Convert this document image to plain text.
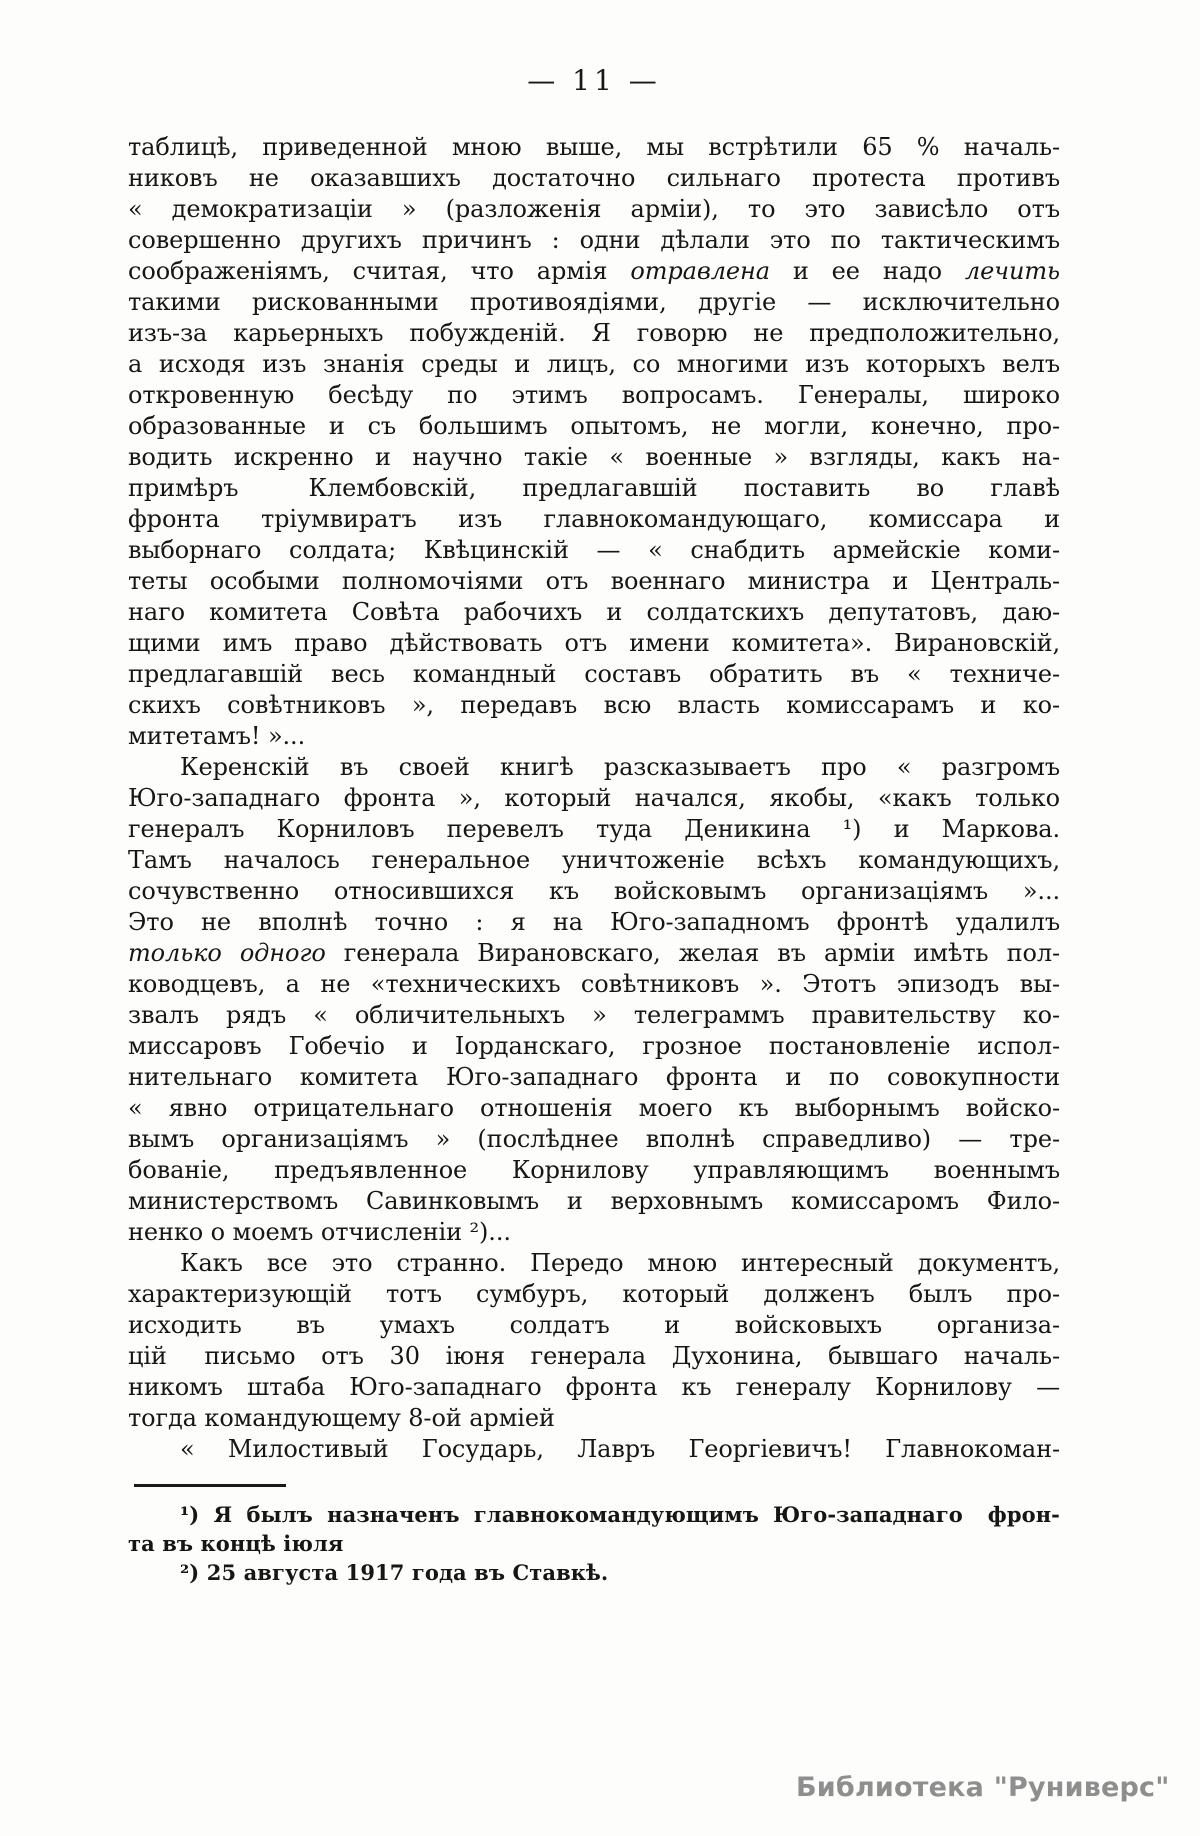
— 11 —
таблицѣ, приведенной мною выше, мы встрѣтили 65 % началь-
никовъ не оказавшихъ достаточно сильнаго протеста противъ
« демократизаціи » (разложенія арміи), то это зависѣло отъ
совершенно другихъ причинъ : одни дѣлали это по тактическимъ
соображеніямъ, считая, что армія отравлена и ее надо лечить
такими рискованными противоядіями, другіе — исключительно
изъ-за карьерныхъ побужденій. Я говорю не предположительно,
а исходя изъ знанія среды и лицъ, со многими изъ которыхъ велъ
откровенную бесѣду по этимъ вопросамъ. Генералы, широко
образованные и съ большимъ опытомъ, не могли, конечно, про-
водить искренно и научно такіе « военные » взгляды, какъ на-
примѣръ  Клембовскій, предлагавшій поставить во главѣ
фронта тріумвиратъ изъ главнокомандующаго, комиссара и
выборнаго солдата; Квѣцинскій — « снабдить армейскіе коми-
теты особыми полномочіями отъ военнаго министра и Централь-
наго комитета Совѣта рабочихъ и солдатскихъ депутатовъ, даю-
щими имъ право дѣйствовать отъ имени комитета». Вирановскій,
предлагавшій весь командный составъ обратить въ « техниче-
скихъ совѣтниковъ », передавъ всю власть комиссарамъ и ко-
митетамъ! »...
Керенскій въ своей книгѣ разсказываетъ про « разгромъ
Юго-западнаго фронта », который начался, якобы, «какъ только
генералъ Корниловъ перевелъ туда Деникина ¹) и Маркова.
Тамъ началось генеральное уничтоженіе всѣхъ командующихъ,
сочувственно относившихся къ войсковымъ организаціямъ »...
Это не вполнѣ точно : я на Юго-западномъ фронтѣ удалилъ
только одного генерала Вирановскаго, желая въ арміи имѣть пол-
ководцевъ, а не «техническихъ совѣтниковъ ». Этотъ эпизодъ вы-
звалъ рядъ « обличительныхъ » телеграммъ правительству ко-
миссаровъ Гобечіо и Іорданскаго, грозное постановленіе испол-
нительнаго комитета Юго-западнаго фронта и по совокупности
« явно отрицательнаго отношенія моего къ выборнымъ войско-
вымъ организаціямъ » (послѣднее вполнѣ справедливо) — тре-
бованіе, предъявленное Корнилову управляющимъ военнымъ
министерствомъ Савинковымъ и верховнымъ комиссаромъ Фило-
ненко о моемъ отчисленіи ²)...
Какъ все это странно. Передо мною интересный документъ,
характеризующій тотъ сумбуръ, который долженъ былъ про-
исходить въ умахъ солдатъ и войсковыхъ организа-
цій  письмо отъ 30 іюня генерала Духонина, бывшаго началь-
никомъ штаба Юго-западнаго фронта къ генералу Корнилову —
тогда командующему 8-ой арміей
« Милостивый Государь, Лавръ Георгіевичъ! Главнокоман-
¹) Я былъ назначенъ главнокомандующимъ Юго-западнаго  фрон-
та въ концѣ іюля
²) 25 августа 1917 года въ Ставкѣ.
Библиотека "Руниверс"
